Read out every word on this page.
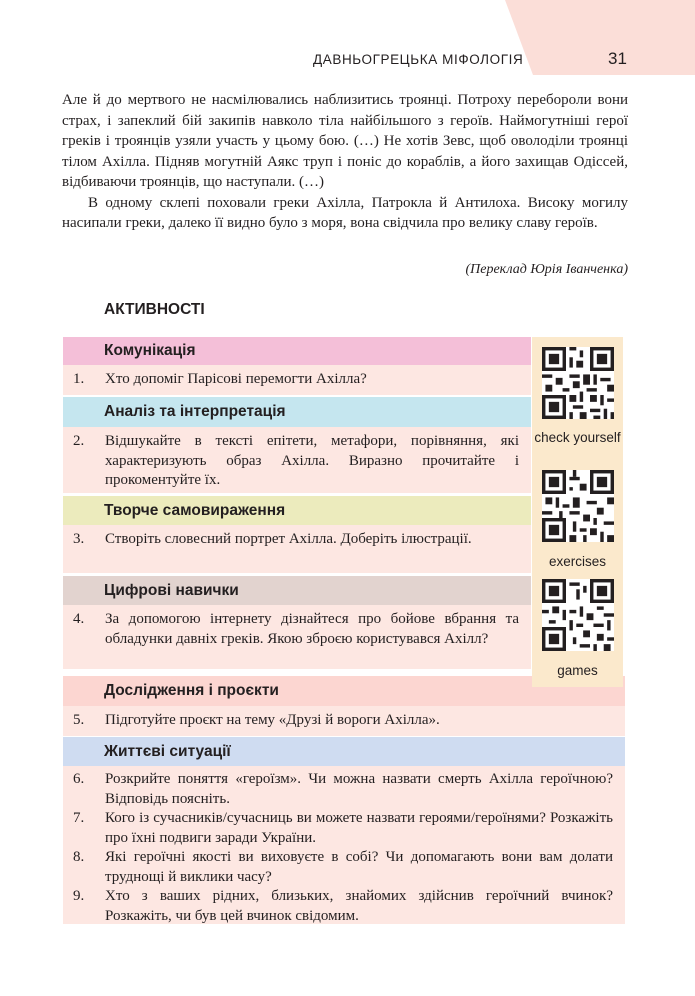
ДАВНЬОГРЕЦЬКА МІФОЛОГІЯ	31

Але й до мертвого не насмілювались наблизитись троянці. Потроху переборoли вони страх, і запеклий бій закипів навколо тіла найбільшого з героїв. Наймогутніші герої греків і троянців узяли участь у цьому бою. (…) Не хотів Зевс, щоб оволоділи троянці тілом Ахілла. Підняв могутній Аякс труп і поніс до кораблів, а його захищав Одіссей, відбиваючи троянців, що наступали. (…)

В одному склепі поховали греки Ахілла, Патрокла й Антилоха. Високу могилу насипали греки, далеко її видно було з моря, вона свідчила про велику славу героїв.

(Переклад Юрія Іванченка)
АКТИВНОСТІ
Комунікація
1. Хто допоміг Парісові перемогти Ахілла?
Аналіз та інтерпретація
2. Відшукайте в тексті епітети, метафори, порівняння, які характеризують образ Ахілла. Виразно прочитайте і прокоментуйте їх.
Творче самовираження
3. Створіть словесний портрет Ахілла. Доберіть ілюстрації.
Цифрові навички
4. За допомогою інтернету дізнайтеся про бойове вбрання та обладунки давніх греків. Якою зброєю користувався Ахілл?
Дослідження і проєкти
5. Підготуйте проєкт на тему «Друзі й вороги Ахілла».
Життєві ситуації
6. Розкрийте поняття «героїзм». Чи можна назвати смерть Ахілла героїчною? Відповідь поясніть.
7. Кого із сучасників/сучасниць ви можете назвати героями/героїнями? Розкажіть про їхні подвиги заради України.
8. Які героїчні якості ви виховуєте в собі? Чи допомагають вони вам долати труднощі й виклики часу?
9. Хто з ваших рідних, близьких, знайомих здійснив героїчний вчинок? Розкажіть, чи був цей вчинок свідомим.
check yourself
exercises
games
